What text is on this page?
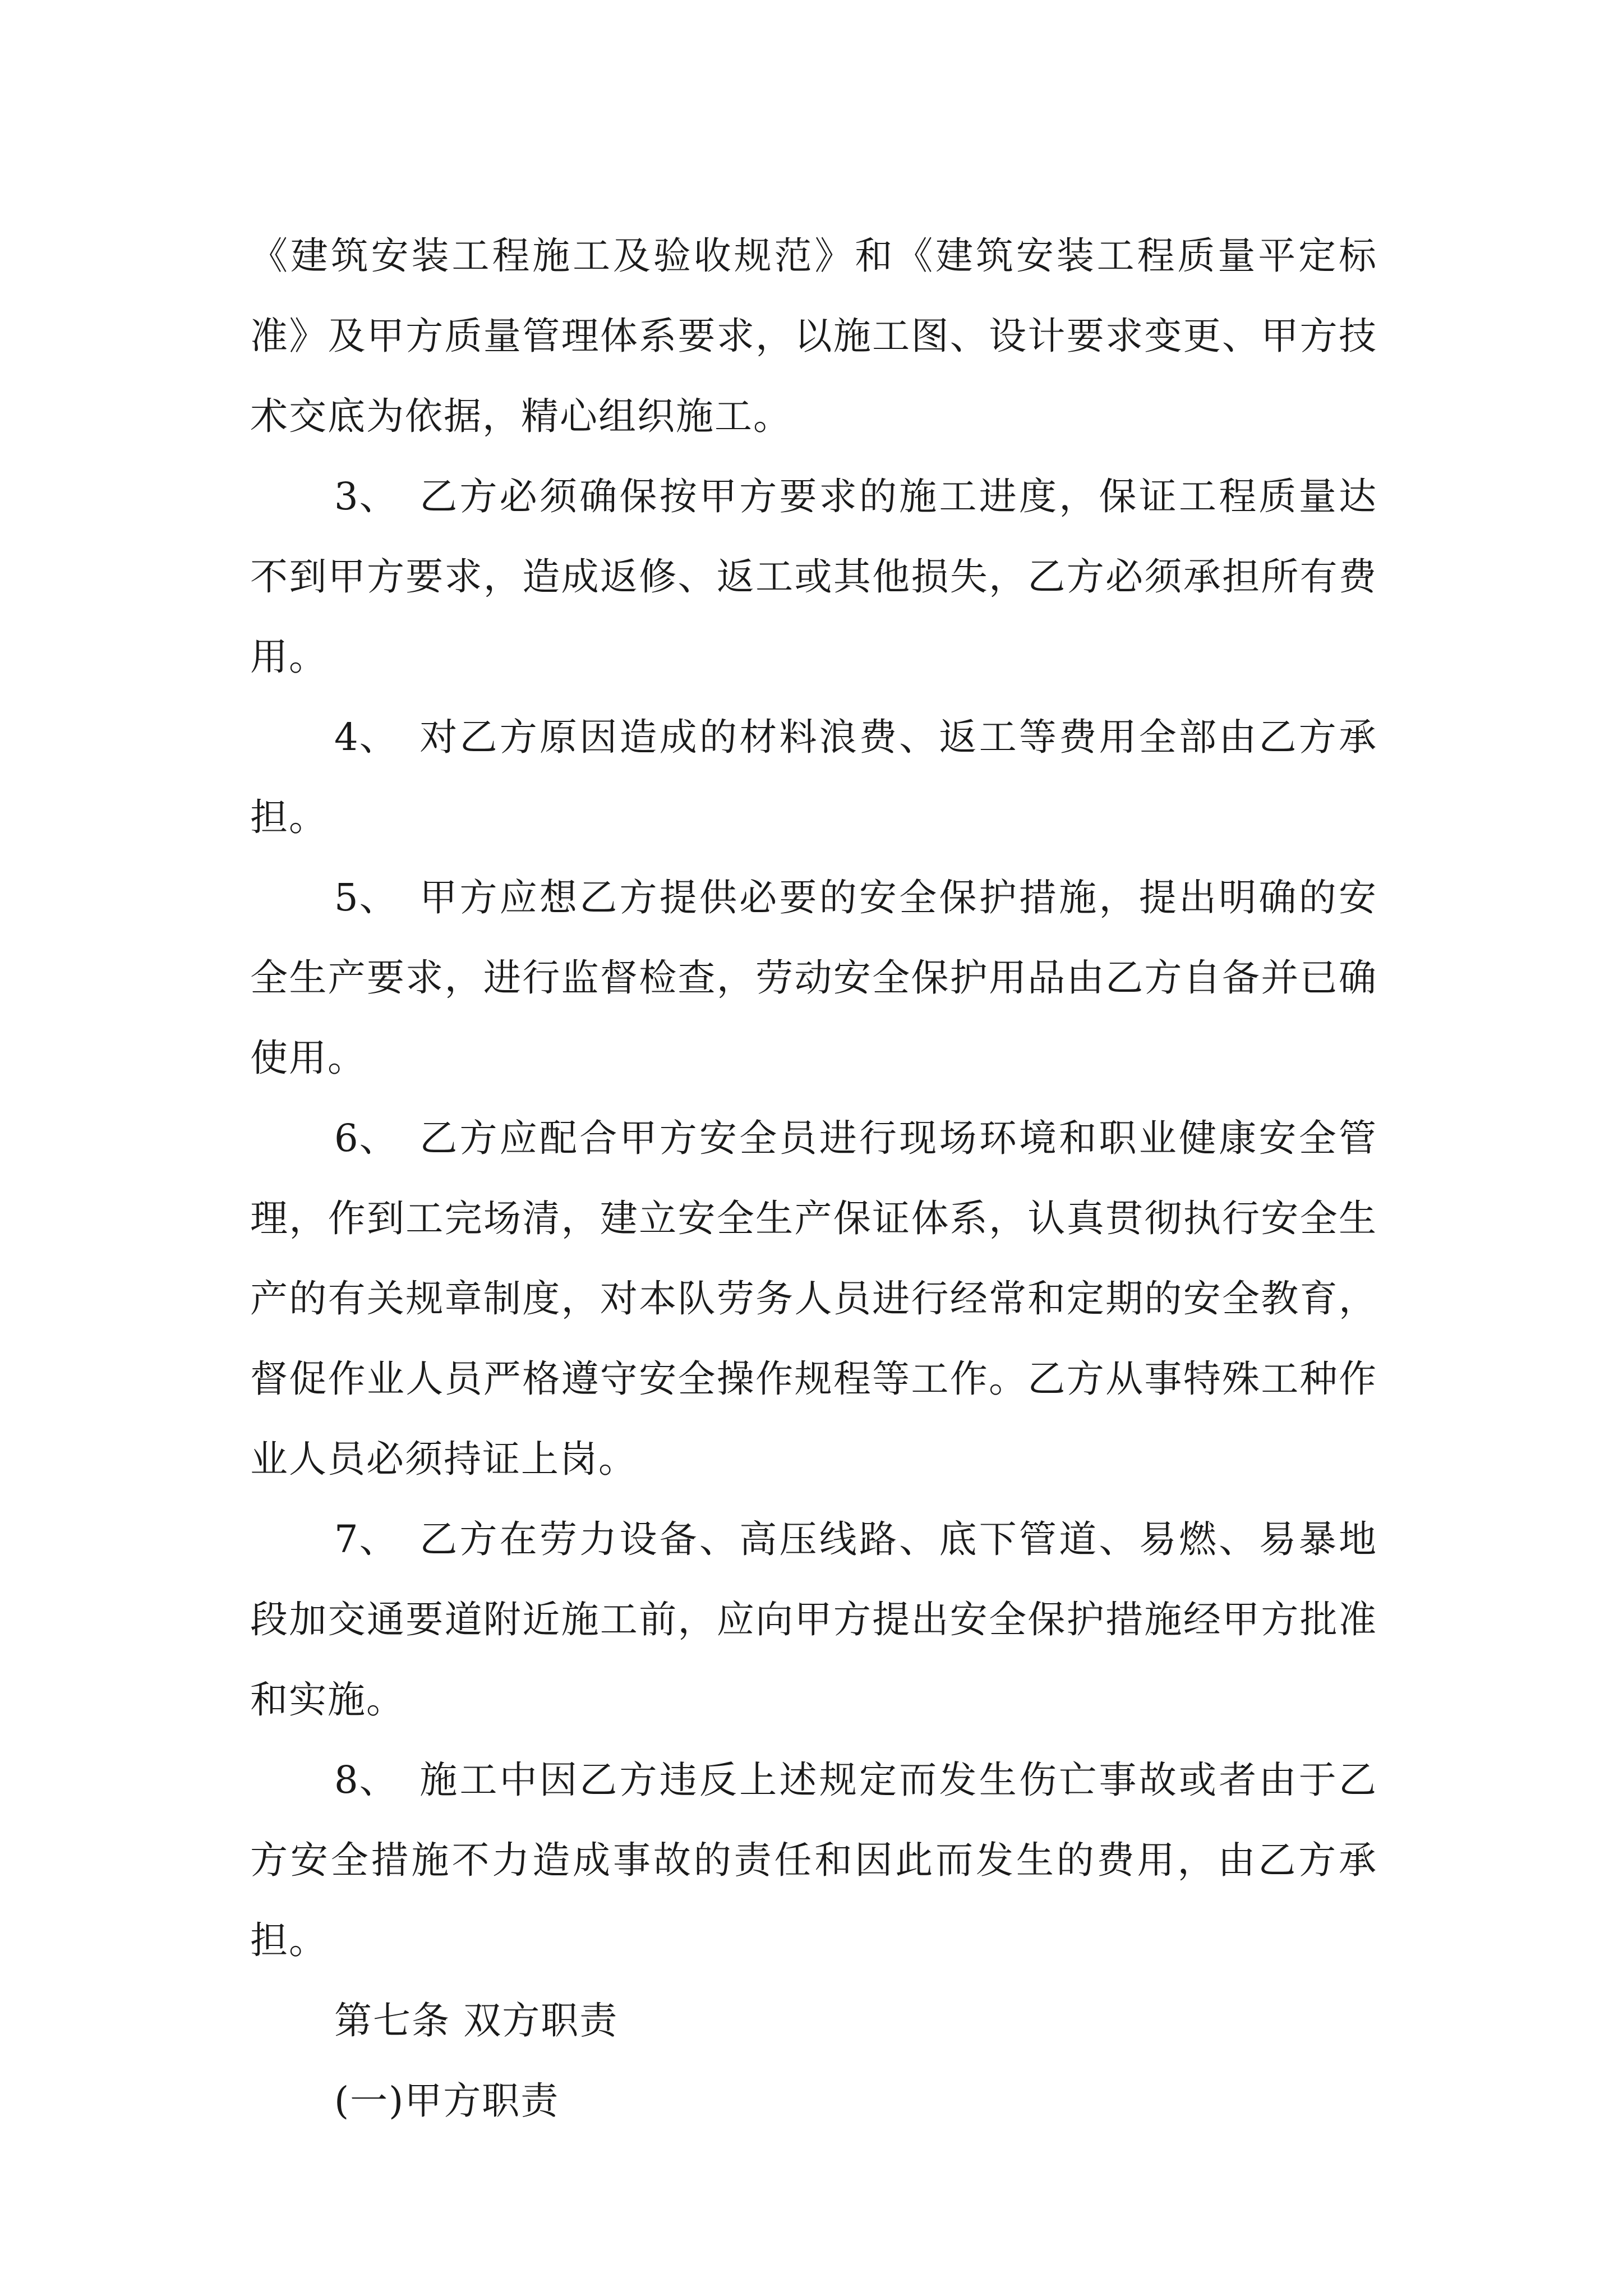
《建筑安装工程施工及验收规范》和《建筑安装工程质量平定标准》及甲方质量管理体系要求，以施工图、设计要求变更、甲方技术交底为依据，精心组织施工。

3、 乙方必须确保按甲方要求的施工进度，保证工程质量达不到甲方要求，造成返修、返工或其他损失，乙方必须承担所有费用。

4、 对乙方原因造成的材料浪费、返工等费用全部由乙方承担。

5、 甲方应想乙方提供必要的安全保护措施，提出明确的安全生产要求，进行监督检查，劳动安全保护用品由乙方自备并已确使用。

6、 乙方应配合甲方安全员进行现场环境和职业健康安全管理，作到工完场清，建立安全生产保证体系，认真贯彻执行安全生产的有关规章制度，对本队劳务人员进行经常和定期的安全教育，督促作业人员严格遵守安全操作规程等工作。乙方从事特殊工种作业人员必须持证上岗。

7、 乙方在劳力设备、高压线路、底下管道、易燃、易暴地段加交通要道附近施工前，应向甲方提出安全保护措施经甲方批准和实施。

8、 施工中因乙方违反上述规定而发生伤亡事故或者由于乙方安全措施不力造成事故的责任和因此而发生的费用，由乙方承担。

第七条 双方职责

(一)甲方职责
